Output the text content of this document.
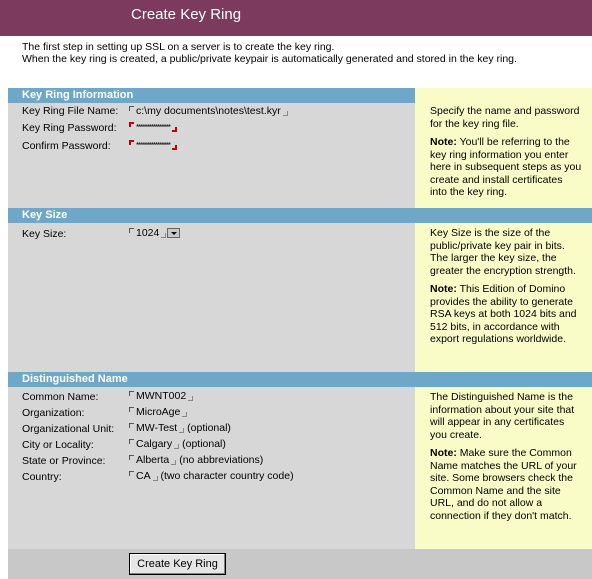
Create Key Ring
The first step in setting up SSL on a server is to create the key ring.
When the key ring is created, a public/private keypair is automatically generated and stored in the key ring.
Key Ring Information
Key Ring File Name:	c:\my documents\notes\test.kyr
Key Ring Password:	****************
Confirm Password:	****************

Specify the name and password for the key ring file.

Note: You'll be referring to the key ring information you enter here in subsequent steps as you create and install certificates into the key ring.

Key Size
Key Size:	1024	Key Size is the size of the public/private key pair in bits. The larger the key size, the greater the encryption strength.

Note: This Edition of Domino provides the ability to generate RSA keys at both 1024 bits and 512 bits, in accordance with export regulations worldwide.

Distinguished Name
Common Name:	MWNT002
Organization:	MicroAge
Organizational Unit:	MW-Test (optional)
City or Locality:	Calgary (optional)
State or Province:	Alberta (no abbreviations)
Country:	CA (two character country code)

The Distinguished Name is the information about your site that will appear in any certificates you create.

Note: Make sure the Common Name matches the URL of your site. Some browsers check the Common Name and the site URL, and do not allow a connection if they don't match.

Create Key Ring
